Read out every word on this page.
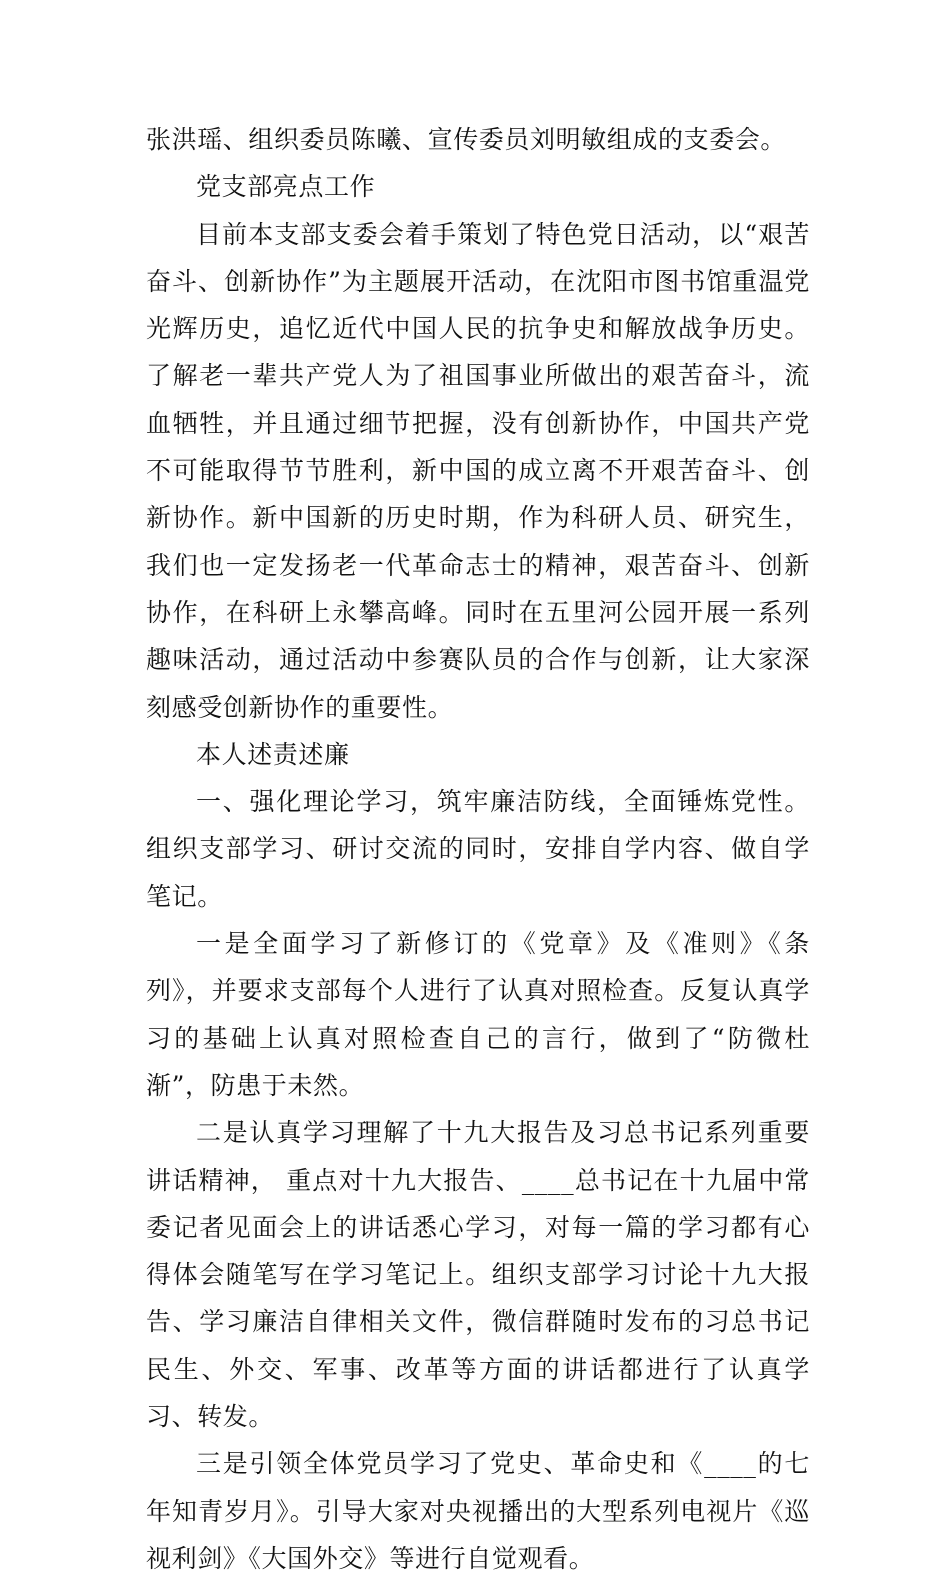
张洪瑶、组织委员陈曦、宣传委员刘明敏组成的支委会。

党支部亮点工作

目前本支部支委会着手策划了特色党日活动，以“艰苦奋斗、创新协作”为主题展开活动，在沈阳市图书馆重温党光辉历史，追忆近代中国人民的抗争史和解放战争历史。了解老一辈共产党人为了祖国事业所做出的艰苦奋斗，流血牺牲，并且通过细节把握，没有创新协作，中国共产党不可能取得节节胜利，新中国的成立离不开艰苦奋斗、创新协作。新中国新的历史时期，作为科研人员、研究生，我们也一定发扬老一代革命志士的精神，艰苦奋斗、创新协作，在科研上永攀高峰。同时在五里河公园开展一系列趣味活动，通过活动中参赛队员的合作与创新，让大家深刻感受创新协作的重要性。

本人述责述廉

一、强化理论学习，筑牢廉洁防线，全面锤炼党性。组织支部学习、研讨交流的同时，安排自学内容、做自学笔记。

一是全面学习了新修订的《党章》及《准则》《条列》，并要求支部每个人进行了认真对照检查。反复认真学习的基础上认真对照检查自己的言行，做到了“防微杜渐”，防患于未然。

二是认真学习理解了十九大报告及习总书记系列重要讲话精神， 重点对十九大报告、____总书记在十九届中常委记者见面会上的讲话悉心学习，对每一篇的学习都有心得体会随笔写在学习笔记上。组织支部学习讨论十九大报告、学习廉洁自律相关文件，微信群随时发布的习总书记民生、外交、军事、改革等方面的讲话都进行了认真学习、转发。

三是引领全体党员学习了党史、革命史和《____的七年知青岁月》。引导大家对央视播出的大型系列电视片《巡视利剑》《大国外交》等进行自觉观看。
